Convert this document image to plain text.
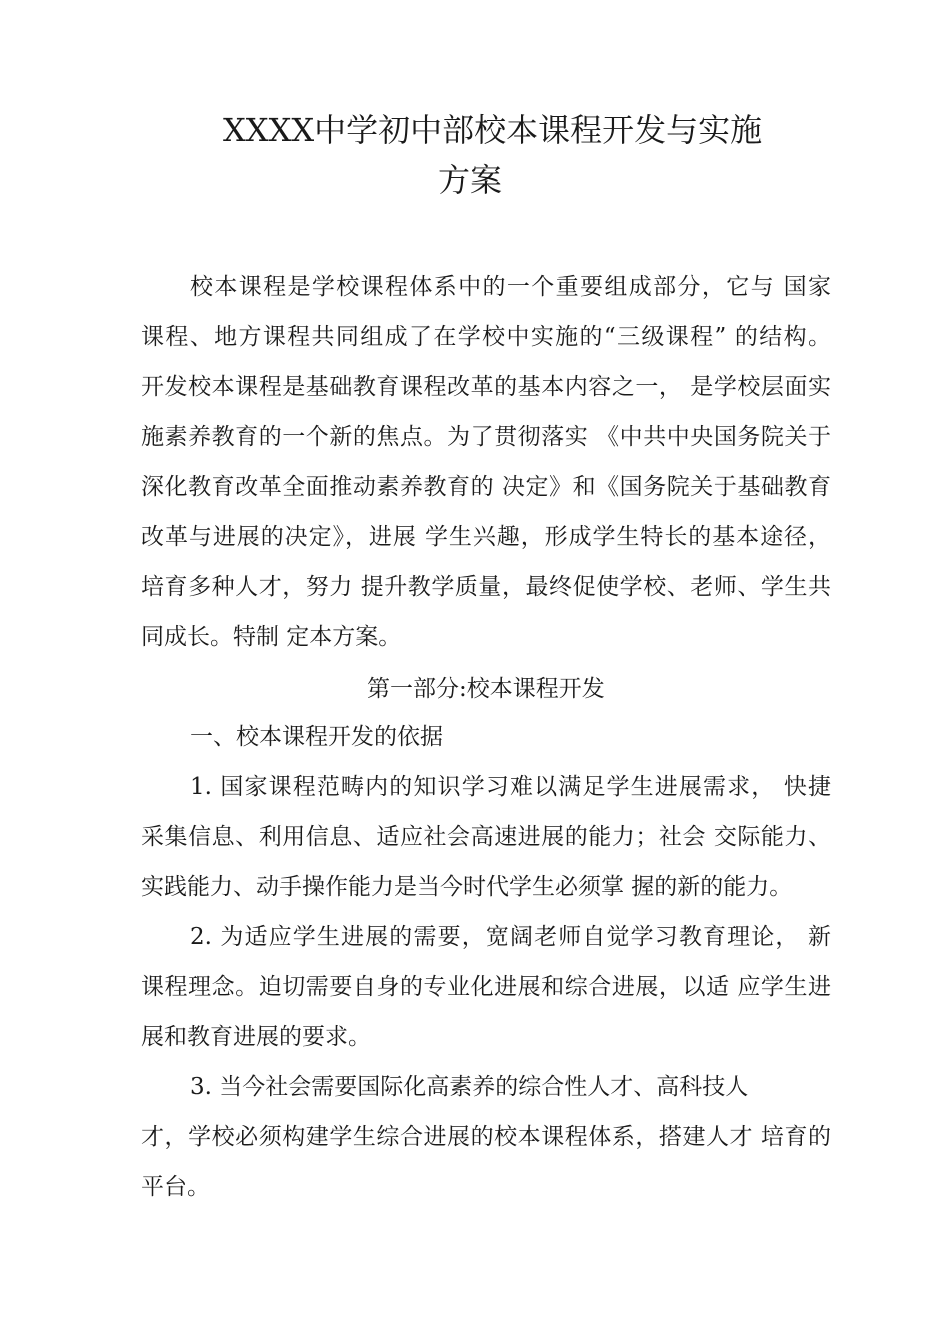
XXXX中学初中部校本课程开发与实施
方案
校本课程是学校课程体系中的一个重要组成部分，它与 国家
课程、地方课程共同组成了在学校中实施的“三级课程” 的结构。
开发校本课程是基础教育课程改革的基本内容之一， 是学校层面实
施素养教育的一个新的焦点。为了贯彻落实 《中共中央国务院关于
深化教育改革全面推动素养教育的 决定》和《国务院关于基础教育
改革与进展的决定》，进展 学生兴趣，形成学生特长的基本途径，
培育多种人才，努力 提升教学质量，最终促使学校、老师、学生共
同成长。特制 定本方案。
第一部分:校本课程开发
一、校本课程开发的依据
1. 国家课程范畴内的知识学习难以满足学生进展需求， 快捷
采集信息、利用信息、适应社会高速进展的能力；社会 交际能力、
实践能力、动手操作能力是当今时代学生必须掌 握的新的能力。
2. 为适应学生进展的需要，宽阔老师自觉学习教育理论， 新
课程理念。迫切需要自身的专业化进展和综合进展，以适 应学生进
展和教育进展的要求。
3. 当今社会需要国际化高素养的综合性人才、高科技人
才，学校必须构建学生综合进展的校本课程体系，搭建人才 培育的
平台。
